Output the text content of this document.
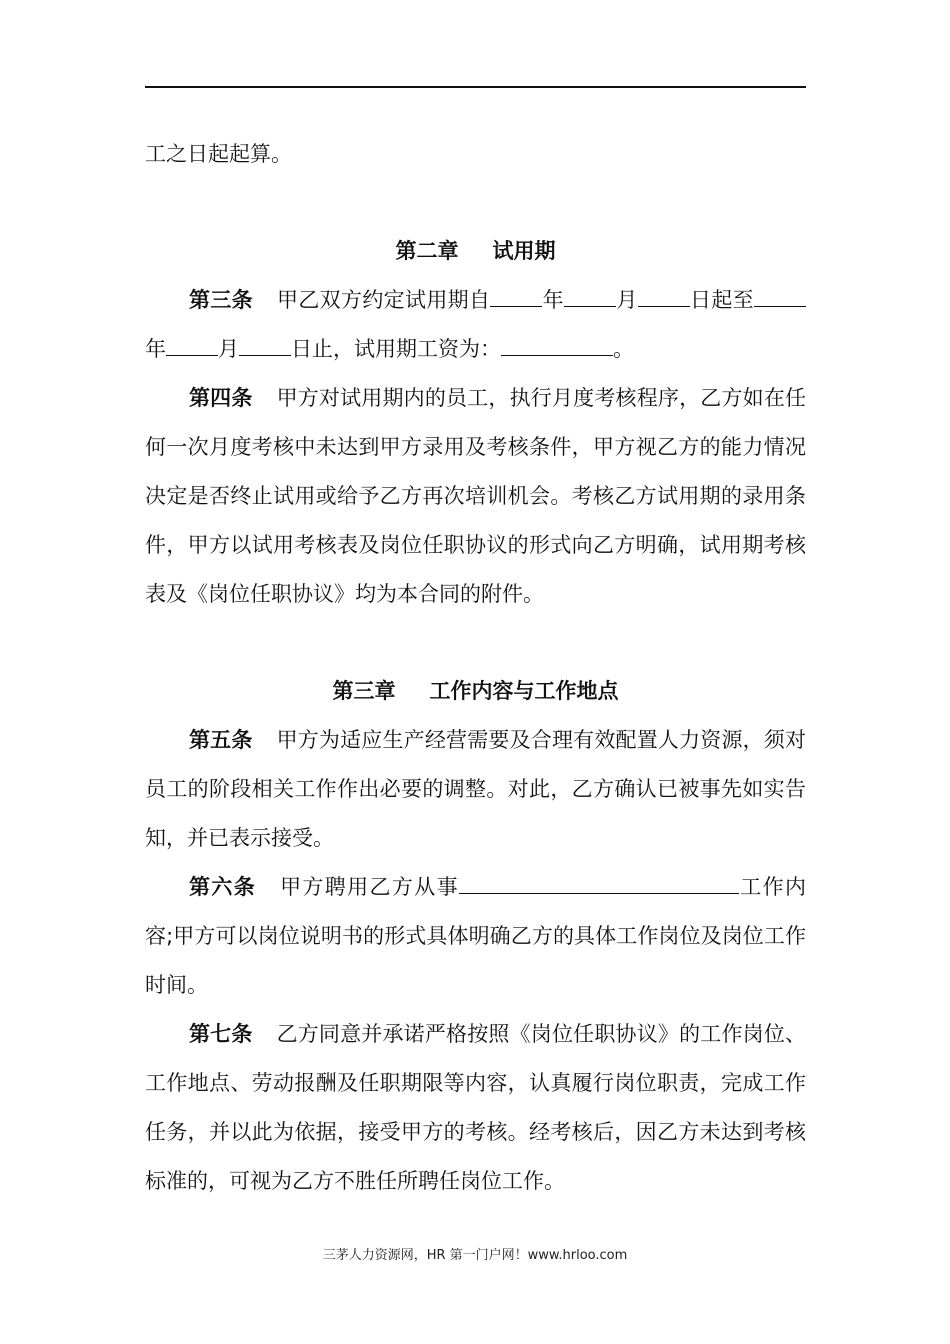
工之日起起算。

第二章 试用期

第三条 甲乙双方约定试用期自 年 月 日起至年 月 日止，试用期工资为：	。

第四条 甲方对试用期内的员工，执行月度考核程序，乙方如在任何一次月度考核中未达到甲方录用及考核条件，甲方视乙方的能力情况决定是否终止试用或给予乙方再次培训机会。考核乙方试用期的录用条件，甲方以试用考核表及岗位任职协议的形式向乙方明确，试用期考核表及《岗位任职协议》均为本合同的附件。

第三章 工作内容与工作地点

第五条 甲方为适应生产经营需要及合理有效配置人力资源，须对员工的阶段相关工作作出必要的调整。对此，乙方确认已被事先如实告知，并已表示接受。

第六条 甲方聘用乙方从事	工作内容;甲方可以岗位说明书的形式具体明确乙方的具体工作岗位及岗位工作时间。

第七条 乙方同意并承诺严格按照《岗位任职协议》的工作岗位、工作地点、劳动报酬及任职期限等内容，认真履行岗位职责，完成工作任务，并以此为依据，接受甲方的考核。经考核后，因乙方未达到考核标准的，可视为乙方不胜任所聘任岗位工作。

三茅人力资源网，HR 第一门户网！www.hrloo.com
